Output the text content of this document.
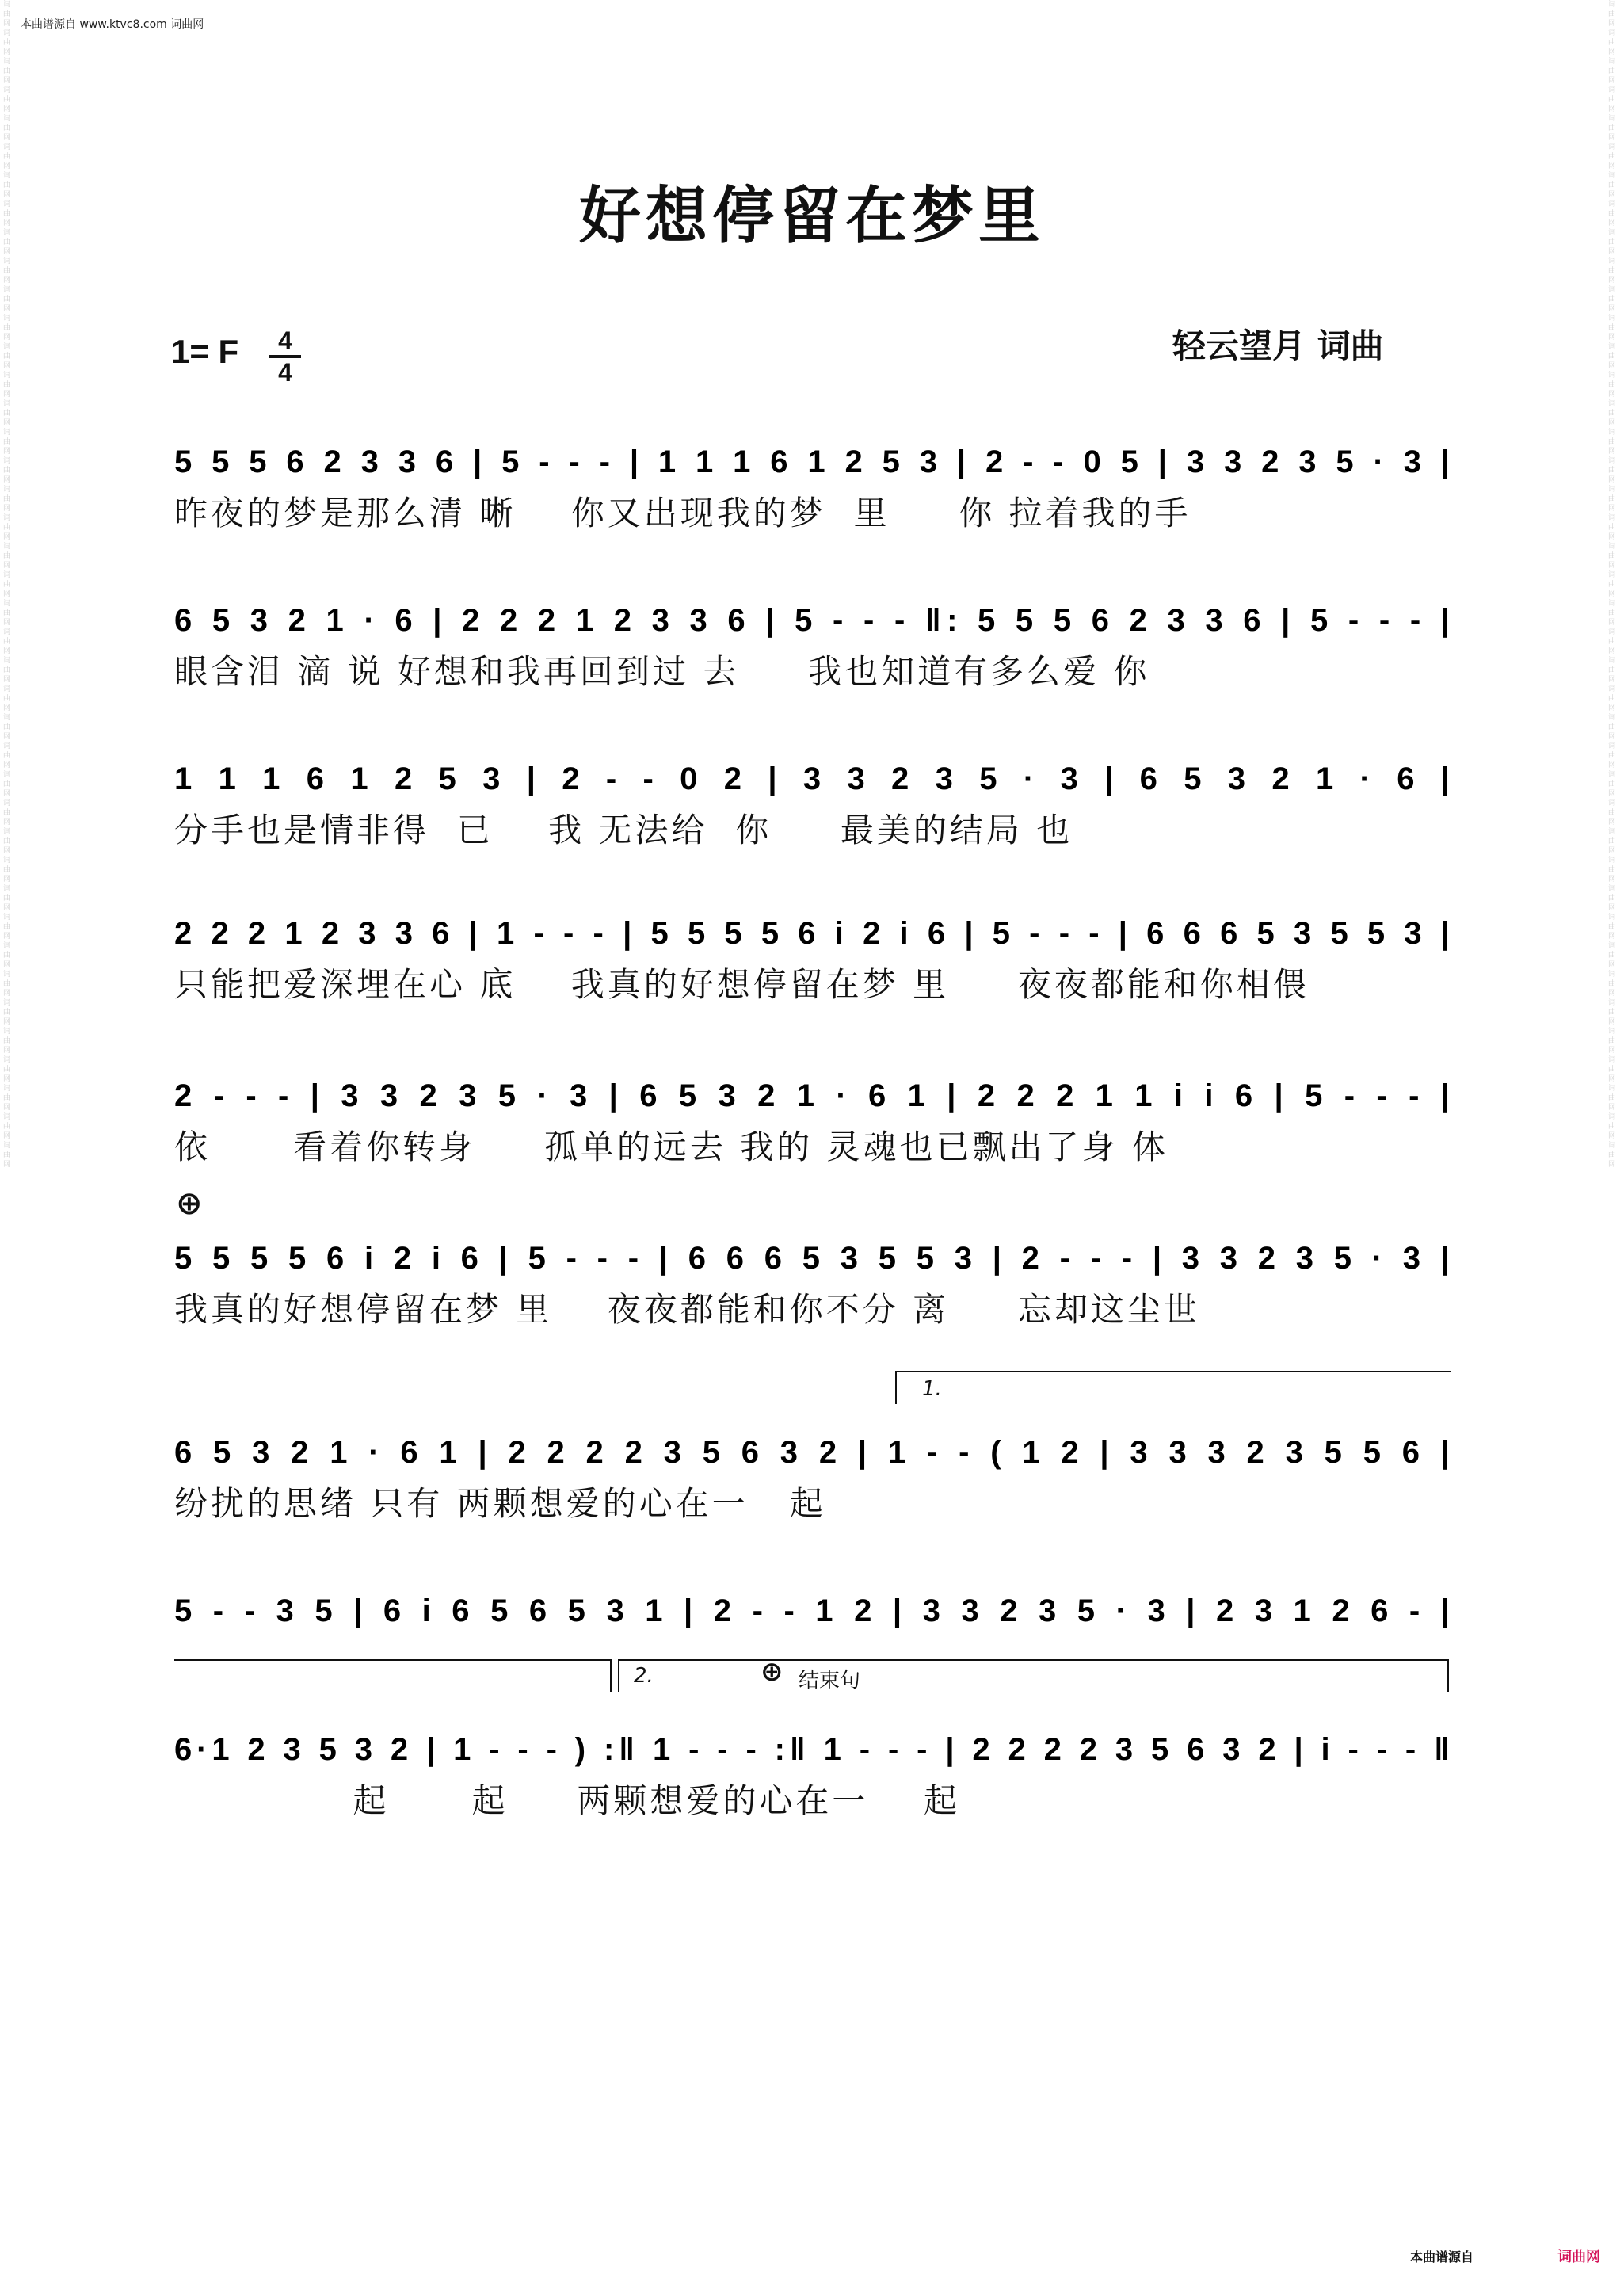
词曲网词曲网词曲网词曲网词曲网词曲网词曲网词曲网词曲网词曲网词曲网词曲网词曲网词曲网词曲网词曲网词曲网词曲网词曲网词曲网词曲网词曲网词曲网词曲网词曲网词曲网词曲网词曲网词曲网词曲网词曲网词曲网词曲网词曲网词曲网词曲网词曲网词曲网词曲网词曲网词曲网
词曲网词曲网词曲网词曲网词曲网词曲网词曲网词曲网词曲网词曲网词曲网词曲网词曲网词曲网词曲网词曲网词曲网词曲网词曲网词曲网词曲网词曲网词曲网词曲网词曲网词曲网词曲网词曲网词曲网词曲网词曲网词曲网词曲网词曲网词曲网词曲网词曲网词曲网词曲网词曲网词曲网
本曲谱源自 www.ktvc8.com 词曲网
好想停留在梦里
1= F	4
4
轻云望月 词曲
5 5 5 6 2 3 3 6 | 5 - - - | 1 1 1 6 1 2 5 3 | 2 - - 0 5 | 3 3 2 3 5 · 3 |
昨夜的梦是那么清 晰    你又出现我的梦  里     你 拉着我的手
6 5 3 2 1 · 6 | 2 2 2 1 2 3 3 6 | 5 - - - ‖: 5 5 5 6 2 3 3 6 | 5 - - - |
眼含泪 滴 说 好想和我再回到过 去     我也知道有多么爱 你
1 1 1 6 1 2 5 3 | 2 - - 0 2 | 3 3 2 3 5 · 3 | 6 5 3 2 1 · 6 |
分手也是情非得  已    我 无法给  你     最美的结局 也
2 2 2 1 2 3 3 6 | 1 - - - | 5 5 5 5 6 i 2 i 6 | 5 - - - | 6 6 6 5 3 5 5 3 |
只能把爱深埋在心 底    我真的好想停留在梦 里     夜夜都能和你相偎
2 - - - | 3 3 2 3 5 · 3 | 6 5 3 2 1 · 6 1 | 2 2 2 1 1 i i 6 | 5 - - - |
依      看着你转身     孤单的远去 我的 灵魂也已飘出了身 体
5 5 5 5 6 i 2 i 6 | 5 - - - | 6 6 6 5 3 5 5 3 | 2 - - - | 3 3 2 3 5 · 3 |
我真的好想停留在梦 里    夜夜都能和你不分 离     忘却这尘世
6 5 3 2 1 · 6 1 | 2 2 2 2 3 5 6 3 2 | 1 - - ( 1 2 | 3 3 3 2 3 5 5 6 |
纷扰的思绪 只有 两颗想爱的心在一   起
5 - - 3 5 | 6 i 6 5 6 5 3 1 | 2 - - 1 2 | 3 3 2 3 5 · 3 | 2 3 1 2 6 - |
6·1 2 3 5 3 2 | 1 - - - ) :‖ 1 - - - :‖ 1 - - - | 2 2 2 2 3 5 6 3 2 | i - - - ‖
起      起     两颗想爱的心在一    起
⊕
1.
2.	⊕ 结束句
本曲谱源自	词曲网
